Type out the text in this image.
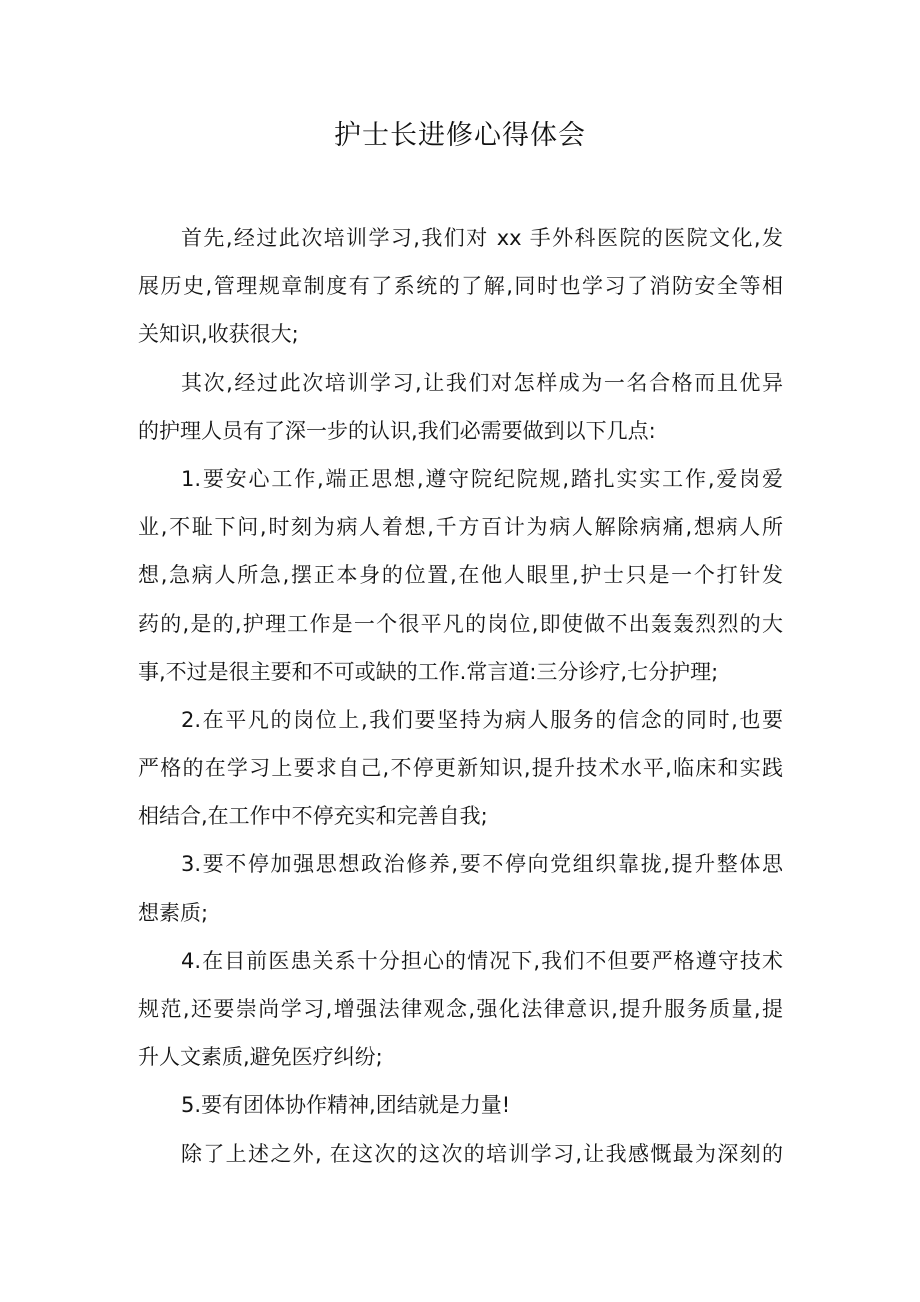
护士长进修心得体会
首先,经过此次培训学习,我们对 xx 手外科医院的医院文化,发
展历史,管理规章制度有了系统的了解,同时也学习了消防安全等相
关知识,收获很大;
其次,经过此次培训学习,让我们对怎样成为一名合格而且优异
的护理人员有了深一步的认识,我们必需要做到以下几点:
1.要安心工作,端正思想,遵守院纪院规,踏扎实实工作,爱岗爱
业,不耻下问,时刻为病人着想,千方百计为病人解除病痛,想病人所
想,急病人所急,摆正本身的位置,在他人眼里,护士只是一个打针发
药的,是的,护理工作是一个很平凡的岗位,即使做不出轰轰烈烈的大
事,不过是很主要和不可或缺的工作.常言道:三分诊疗,七分护理;
2.在平凡的岗位上,我们要坚持为病人服务的信念的同时,也要
严格的在学习上要求自己,不停更新知识,提升技术水平,临床和实践
相结合,在工作中不停充实和完善自我;
3.要不停加强思想政治修养,要不停向党组织靠拢,提升整体思
想素质;
4.在目前医患关系十分担心的情况下,我们不但要严格遵守技术
规范,还要崇尚学习,增强法律观念,强化法律意识,提升服务质量,提
升人文素质,避免医疗纠纷;
5.要有团体协作精神,团结就是力量!
除了上述之外, 在这次的这次的培训学习,让我感慨最为深刻的
